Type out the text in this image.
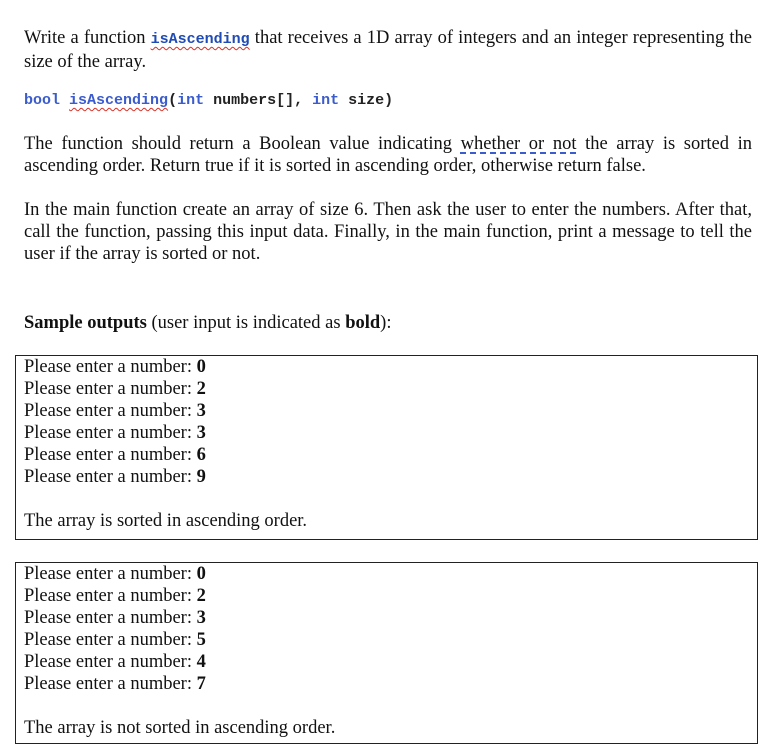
Write a function isAscending that receives a 1D array of integers and an integer representing the size of the array.

bool isAscending(int numbers[], int size)

The function should return a Boolean value indicating whether or not the array is sorted in ascending order. Return true if it is sorted in ascending order, otherwise return false.

In the main function create an array of size 6. Then ask the user to enter the numbers. After that, call the function, passing this input data. Finally, in the main function, print a message to tell the user if the array is sorted or not.

Sample outputs (user input is indicated as bold):
Please enter a number: 0
Please enter a number: 2
Please enter a number: 3
Please enter a number: 3
Please enter a number: 6
Please enter a number: 9
The array is sorted in ascending order.
Please enter a number: 0
Please enter a number: 2
Please enter a number: 3
Please enter a number: 5
Please enter a number: 4
Please enter a number: 7
The array is not sorted in ascending order.
